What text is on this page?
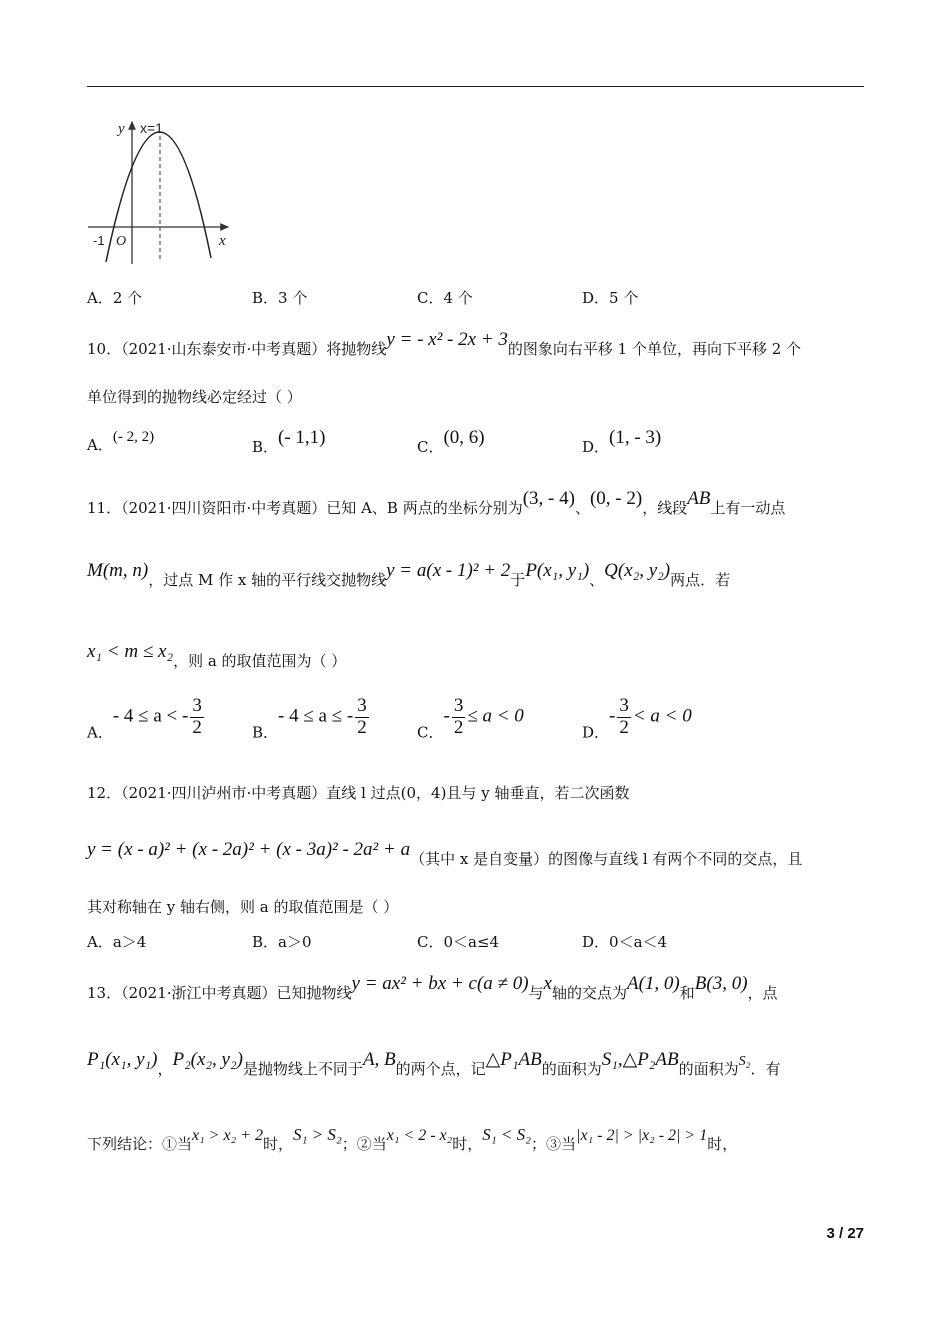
y x=1
x
-1 O
A．2 个	B．3 个	C．4 个	D．5 个
10．（2021·山东泰安市·中考真题）将抛物线y = - x² - 2x + 3的图象向右平移 1 个单位，再向下平移 2 个
单位得到的抛物线必定经过（ ）
A．(- 2, 2)
B．(- 1,1)	C．(0, 6)	D．(1, - 3)
11．（2021·四川资阳市·中考真题）已知 A、B 两点的坐标分别为(3, - 4)、(0, - 2)，线段AB上有一动点
M(m, n)，过点 M 作 x 轴的平行线交抛物线y = a(x - 1)² + 2于P(x₁, y₁)、Q(x₂, y₂)两点．若
x₁ < m ≤ x₂，则 a 的取值范围为（ ）
A．- 4 ≤ a < - $\frac{3}{2}$	B．- 4 ≤ a ≤ - $\frac{3}{2}$	C．- $\frac{3}{2} \le a < 0$
D．- $\frac{3}{2} < a < 0$
12．（2021·四川泸州市·中考真题）直线 l 过点(0，4)且与 y 轴垂直，若二次函数
y = (x - a)² + (x - 2a)² + (x - 3a)² - 2a² + a（其中 x 是自变量）的图像与直线 l 有两个不同的交点，且
其对称轴在 y 轴右侧，则 a 的取值范围是（ ）
A．a＞4	B．a＞0	C．0＜a≤4	D．0＜a＜4
13．（2021·浙江中考真题）已知抛物线y = ax² + bx + c(a ≠ 0)与x轴的交点为A(1, 0)和B(3, 0)，点
P₁(x₁, y₁)，P₂(x₂, y₂)是抛物线上不同于A, B的两个点，记△P₁AB的面积为S₁,△P₂AB的面积为S₂．有
下列结论：①当x₁ > x₂ + 2时，S₁ > S₂；②当x₁ < 2 - x₂时，S₁ < S₂；③当|x₁ - 2| > |x₂ - 2| > 1时，
3 / 27
